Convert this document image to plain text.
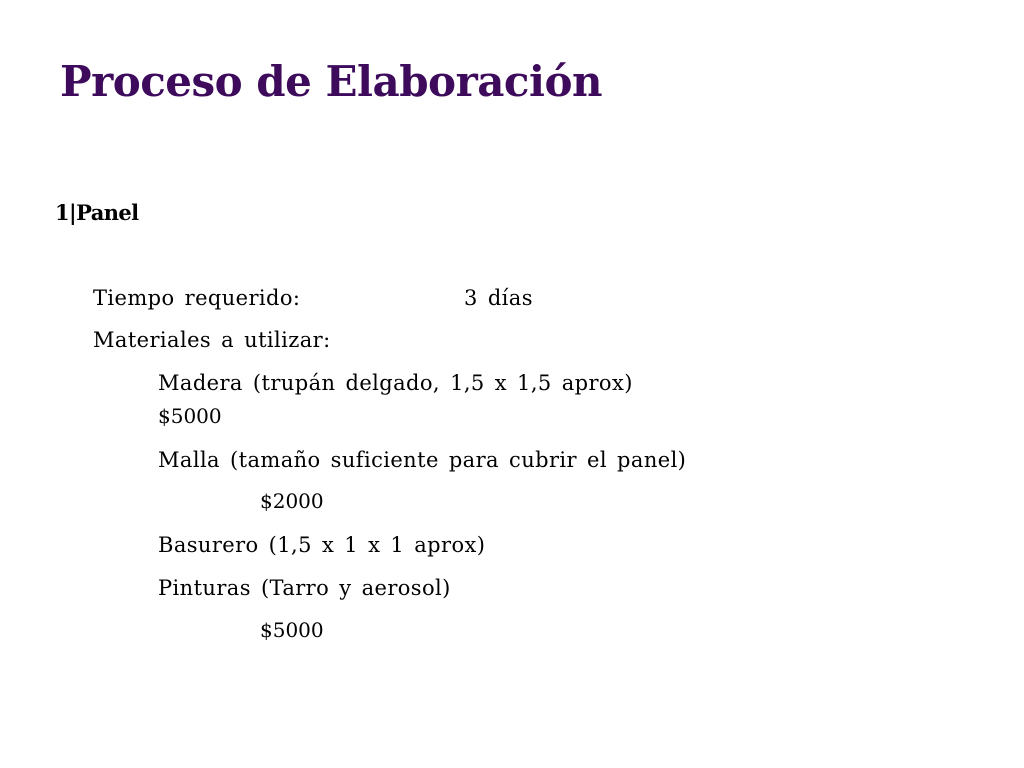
Proceso de Elaboración
1|Panel
Tiempo requerido:	3 días
Materiales a utilizar:
Madera (trupán delgado, 1,5 x 1,5 aprox)
$5000
Malla (tamaño suficiente para cubrir el panel)
$2000
Basurero (1,5 x 1 x 1 aprox)
Pinturas (Tarro y aerosol)
$5000
